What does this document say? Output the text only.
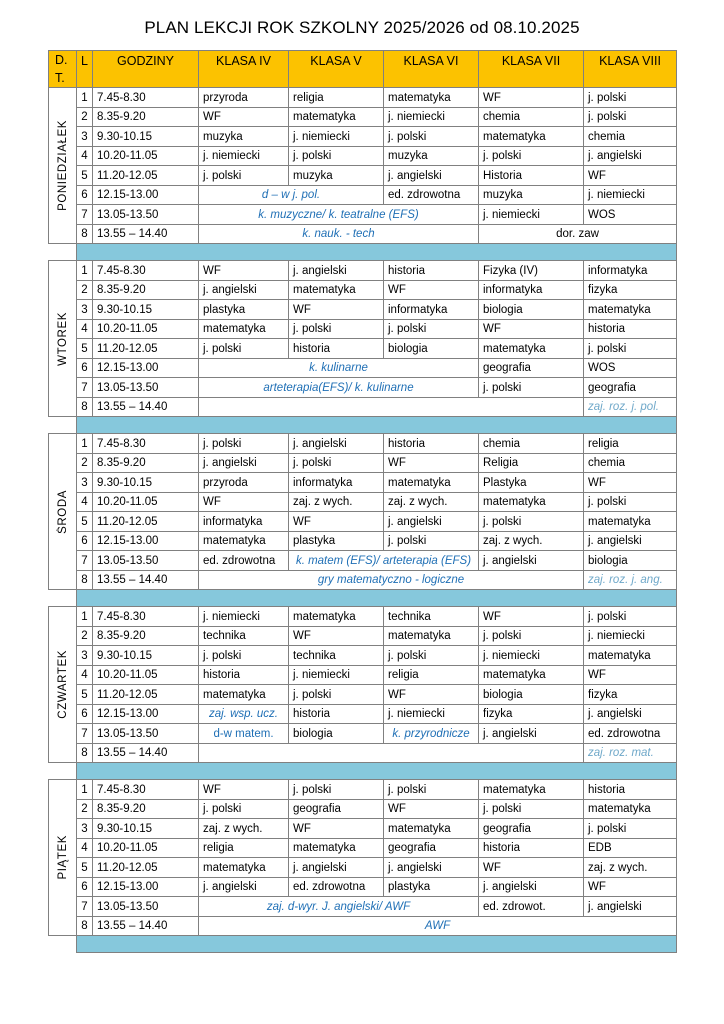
PLAN LEKCJI ROK SZKOLNY 2025/2026 od 08.10.2025
D.
T.	L	GODZINY	KLASA IV	KLASA V	KLASA VI	KLASA VII	KLASA VIII

PONIEDZIAŁEK	1	7.45-8.30	przyroda	religia	matematyka	WF	j. polski
	2	8.35-9.20	WF	matematyka	j. niemiecki	chemia	j. polski
	3	9.30-10.15	muzyka	j. niemiecki	j. polski	matematyka	chemia
	4	10.20-11.05	j. niemiecki	j. polski	muzyka	j. polski	j. angielski
	5	11.20-12.05	j. polski	muzyka	j. angielski	Historia	WF
	6	12.15-13.00	d – w j. pol.		ed. zdrowotna	muzyka	j. niemiecki
	7	13.05-13.50	k. muzyczne/ k. teatralne (EFS)			j. niemiecki	WOS
	8	13.55 – 14.40	k. nauk. - tech			dor. zaw	

WTOREK	1	7.45-8.30	WF	j. angielski	historia	Fizyka (IV)	informatyka
	2	8.35-9.20	j. angielski	matematyka	WF	informatyka	fizyka
	3	9.30-10.15	plastyka	WF	informatyka	biologia	matematyka
	4	10.20-11.05	matematyka	j. polski	j. polski	WF	historia
	5	11.20-12.05	j. polski	historia	biologia	matematyka	j. polski
	6	12.15-13.00	k. kulinarne			geografia	WOS
	7	13.05-13.50	arteterapia(EFS)/ k. kulinarne			j. polski	geografia
	8	13.55 – 14.40					zaj. roz. j. pol.

ŚRODA	1	7.45-8.30	j. polski	j. angielski	historia	chemia	religia
	2	8.35-9.20	j. angielski	j. polski	WF	Religia	chemia
	3	9.30-10.15	przyroda	informatyka	matematyka	Plastyka	WF
	4	10.20-11.05	WF	zaj. z wych.	zaj. z wych.	matematyka	j. polski
	5	11.20-12.05	informatyka	WF	j. angielski	j. polski	matematyka
	6	12.15-13.00	matematyka	plastyka	j. polski	zaj. z wych.	j. angielski
	7	13.05-13.50	ed. zdrowotna	k. matem (EFS)/ arteterapia (EFS)		j. angielski	biologia
	8	13.55 – 14.40	gry matematyczno - logiczne				zaj. roz. j. ang.

CZWARTEK	1	7.45-8.30	j. niemiecki	matematyka	technika	WF	j. polski
	2	8.35-9.20	technika	WF	matematyka	j. polski	j. niemiecki
	3	9.30-10.15	j. polski	technika	j. polski	j. niemiecki	matematyka
	4	10.20-11.05	historia	j. niemiecki	religia	matematyka	WF
	5	11.20-12.05	matematyka	j. polski	WF	biologia	fizyka
	6	12.15-13.00	zaj. wsp. ucz.	historia	j. niemiecki	fizyka	j. angielski
	7	13.05-13.50	d-w matem.	biologia	k. przyrodnicze	j. angielski	ed. zdrowotna
	8	13.55 – 14.40					zaj. roz. mat.

PIĄTEK	1	7.45-8.30	WF	j. polski	j. polski	matematyka	historia
	2	8.35-9.20	j. polski	geografia	WF	j. polski	matematyka
	3	9.30-10.15	zaj. z wych.	WF	matematyka	geografia	j. polski
	4	10.20-11.05	religia	matematyka	geografia	historia	EDB
	5	11.20-12.05	matematyka	j. angielski	j. angielski	WF	zaj. z wych.
	6	12.15-13.00	j. angielski	ed. zdrowotna	plastyka	j. angielski	WF
	7	13.05-13.50	zaj. d-wyr. J. angielski/ AWF			ed. zdrowot.	j. angielski
	8	13.55 – 14.40	AWF				
